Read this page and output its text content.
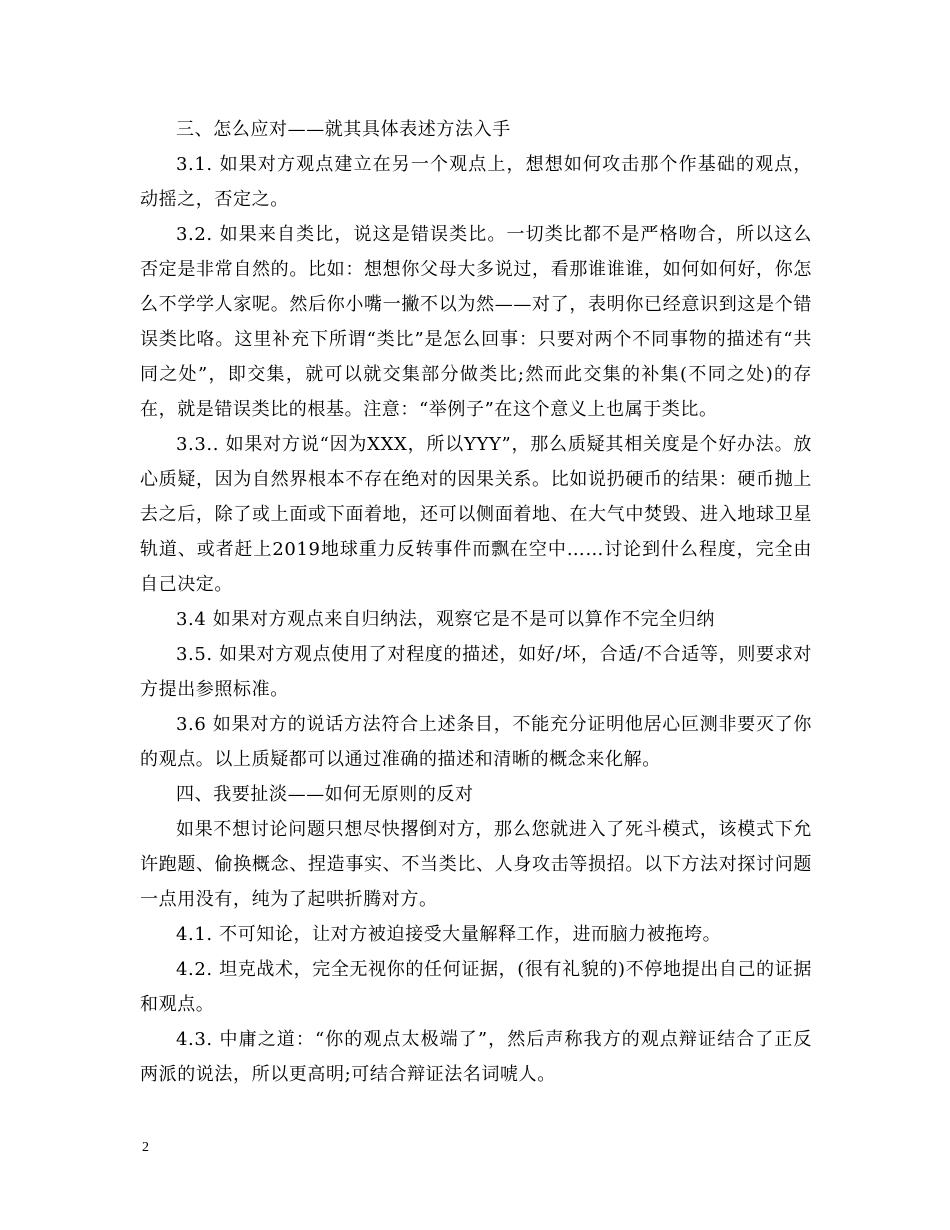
三、怎么应对——就其具体表述方法入手

3.1. 如果对方观点建立在另一个观点上，想想如何攻击那个作基础的观点，动摇之，否定之。

3.2. 如果来自类比，说这是错误类比。一切类比都不是严格吻合，所以这么否定是非常自然的。比如：想想你父母大多说过，看那谁谁谁，如何如何好，你怎么不学学人家呢。然后你小嘴一撇不以为然——对了，表明你已经意识到这是个错误类比咯。这里补充下所谓“类比”是怎么回事：只要对两个不同事物的描述有“共同之处”，即交集，就可以就交集部分做类比;然而此交集的补集(不同之处)的存在，就是错误类比的根基。注意：“举例子”在这个意义上也属于类比。

3.3.. 如果对方说“因为XXX，所以YYY”，那么质疑其相关度是个好办法。放心质疑，因为自然界根本不存在绝对的因果关系。比如说扔硬币的结果：硬币抛上去之后，除了或上面或下面着地，还可以侧面着地、在大气中焚毁、进入地球卫星轨道、或者赶上2019地球重力反转事件而飘在空中……讨论到什么程度，完全由自己决定。

3.4 如果对方观点来自归纳法，观察它是不是可以算作不完全归纳

3.5. 如果对方观点使用了对程度的描述，如好/坏，合适/不合适等，则要求对方提出参照标准。

3.6 如果对方的说话方法符合上述条目，不能充分证明他居心叵测非要灭了你的观点。以上质疑都可以通过准确的描述和清晰的概念来化解。

四、我要扯淡——如何无原则的反对

如果不想讨论问题只想尽快撂倒对方，那么您就进入了死斗模式，该模式下允许跑题、偷换概念、捏造事实、不当类比、人身攻击等损招。以下方法对探讨问题一点用没有，纯为了起哄折腾对方。

4.1. 不可知论，让对方被迫接受大量解释工作，进而脑力被拖垮。

4.2. 坦克战术，完全无视你的任何证据，(很有礼貌的)不停地提出自己的证据和观点。

4.3. 中庸之道：“你的观点太极端了”，然后声称我方的观点辩证结合了正反两派的说法，所以更高明;可结合辩证法名词唬人。

2
